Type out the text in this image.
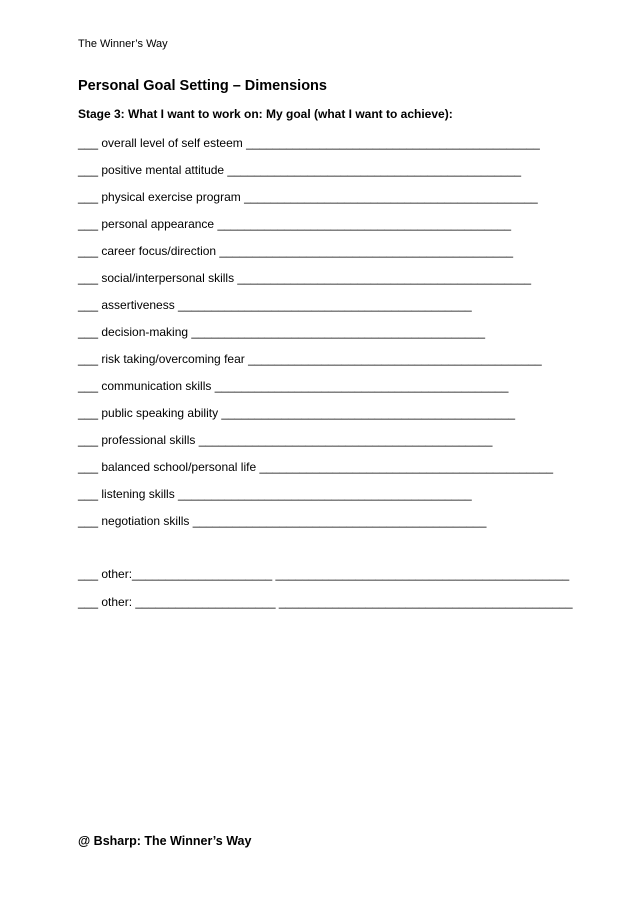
The Winner’s Way
Personal Goal Setting – Dimensions
Stage 3: What I want to work on: My goal (what I want to achieve):
___ overall level of self esteem ____________________________________________
___ positive mental attitude ____________________________________________
___ physical exercise program ____________________________________________
___ personal appearance ____________________________________________
___ career focus/direction ____________________________________________
___ social/interpersonal skills ____________________________________________
___ assertiveness ____________________________________________
___ decision-making ____________________________________________
___ risk taking/overcoming fear ____________________________________________
___ communication skills ____________________________________________
___ public speaking ability ____________________________________________
___ professional skills ____________________________________________
___ balanced school/personal life ____________________________________________
___ listening skills ____________________________________________
___ negotiation skills ____________________________________________
___ other:_____________________ ____________________________________________
___ other: _____________________ ____________________________________________
@ Bsharp: The Winner’s Way
